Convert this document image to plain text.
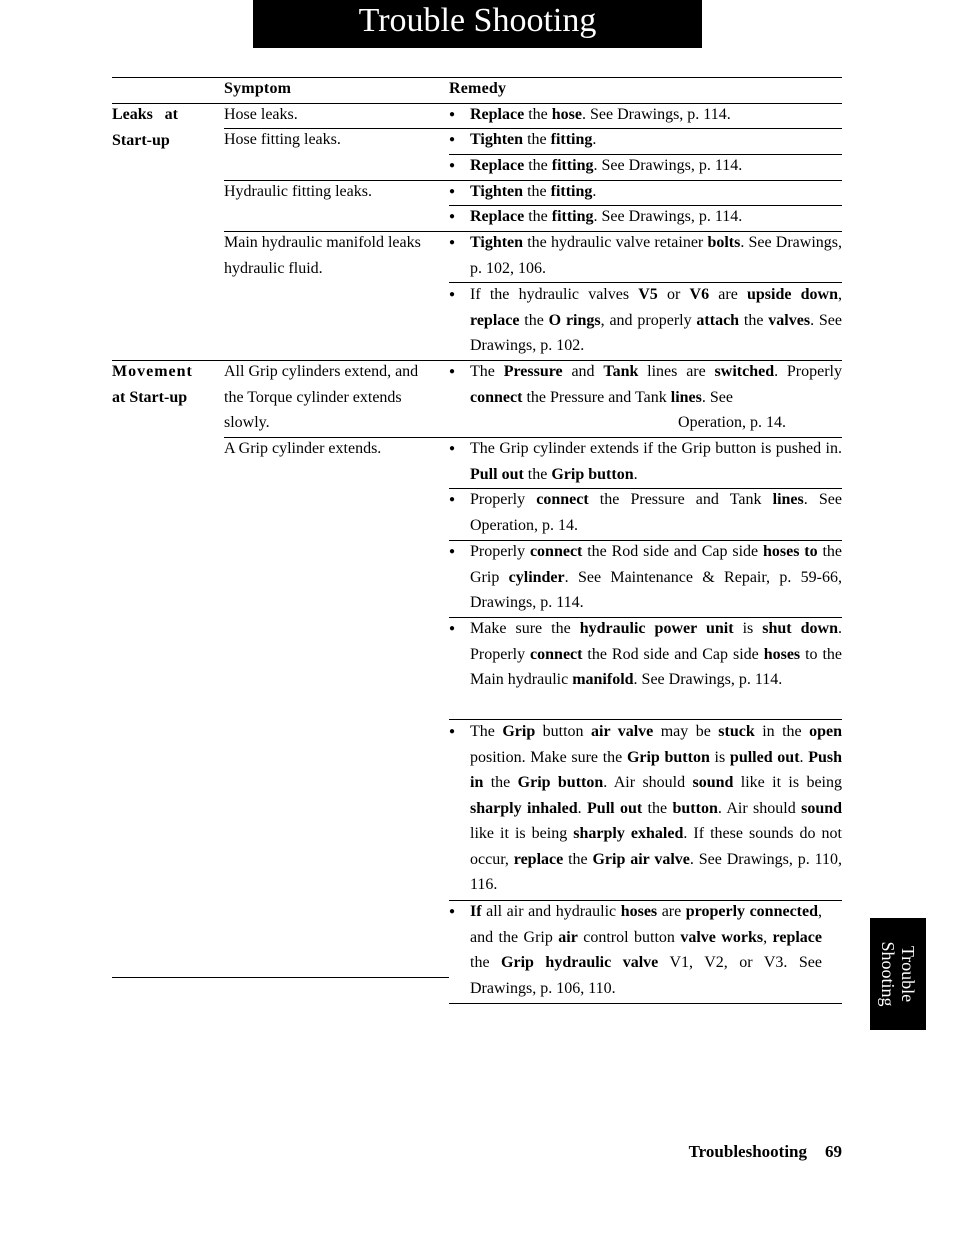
Trouble Shooting
Symptom	Remedy
Leaks at
Start-up
Movement
at Start-up
Hose leaks.
Hose fitting leaks.
Hydraulic fitting leaks.
Main hydraulic manifold leaks hydraulic fluid.
All Grip cylinders extend, and the Torque cylinder extends slowly.
A Grip cylinder extends.
● Replace the hose. See Drawings, p. 114.
● Tighten the fitting.
● Replace the fitting. See Drawings, p. 114.
● Tighten the fitting.
● Replace the fitting. See Drawings, p. 114.
● Tighten the hydraulic valve retainer bolts. See Drawings, p. 102, 106.
● If the hydraulic valves V5 or V6 are upside down, replace the O rings, and properly attach the valves. See Drawings, p. 102.
● The Pressure and Tank lines are switched. Properly connect the Pressure and Tank lines. See

Operation, p. 14.

● The Grip cylinder extends if the Grip button is pushed in. Pull out the Grip button.
● Properly connect the Pressure and Tank lines. See Operation, p. 14.
● Properly connect the Rod side and Cap side hoses to the Grip cylinder. See Maintenance & Repair, p. 59-66, Drawings, p. 114.
● Make sure the hydraulic power unit is shut down. Properly connect the Rod side and Cap side hoses to the Main hydraulic manifold. See Drawings, p. 114.
● The Grip button air valve may be stuck in the open position. Make sure the Grip button is pulled out. Push in the Grip button. Air should sound like it is being sharply inhaled. Pull out the button. Air should sound like it is being sharply exhaled. If these sounds do not occur, replace the Grip air valve. See Drawings, p. 110, 116.
● If all air and hydraulic hoses are properly connected, and the Grip air control button valve works, replace the Grip hydraulic valve V1, V2, or V3. See Drawings, p. 106, 110.	Trouble
Shooting
Troubleshooting 69
